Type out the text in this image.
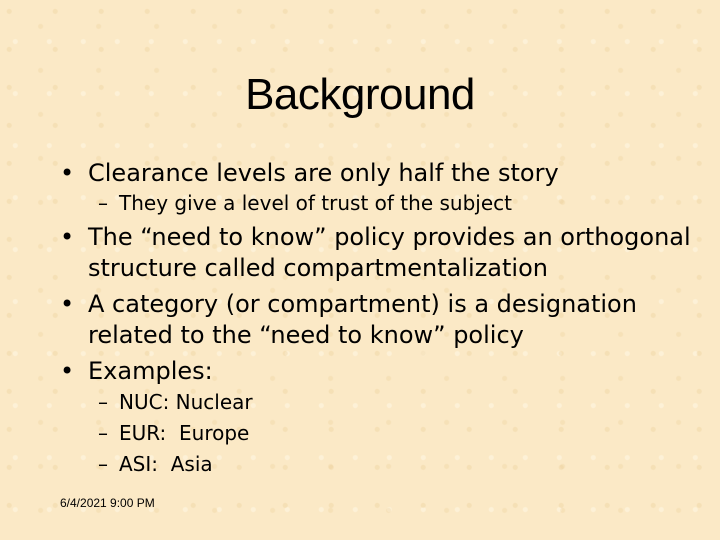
Background
• Clearance levels are only half the story
– They give a level of trust of the subject
• The “need to know” policy provides an orthogonal structure called compartmentalization
• A category (or compartment) is a designation related to the “need to know” policy
• Examples:
– NUC: Nuclear
– EUR:  Europe
– ASI:  Asia
6/4/2021 9:00 PM
